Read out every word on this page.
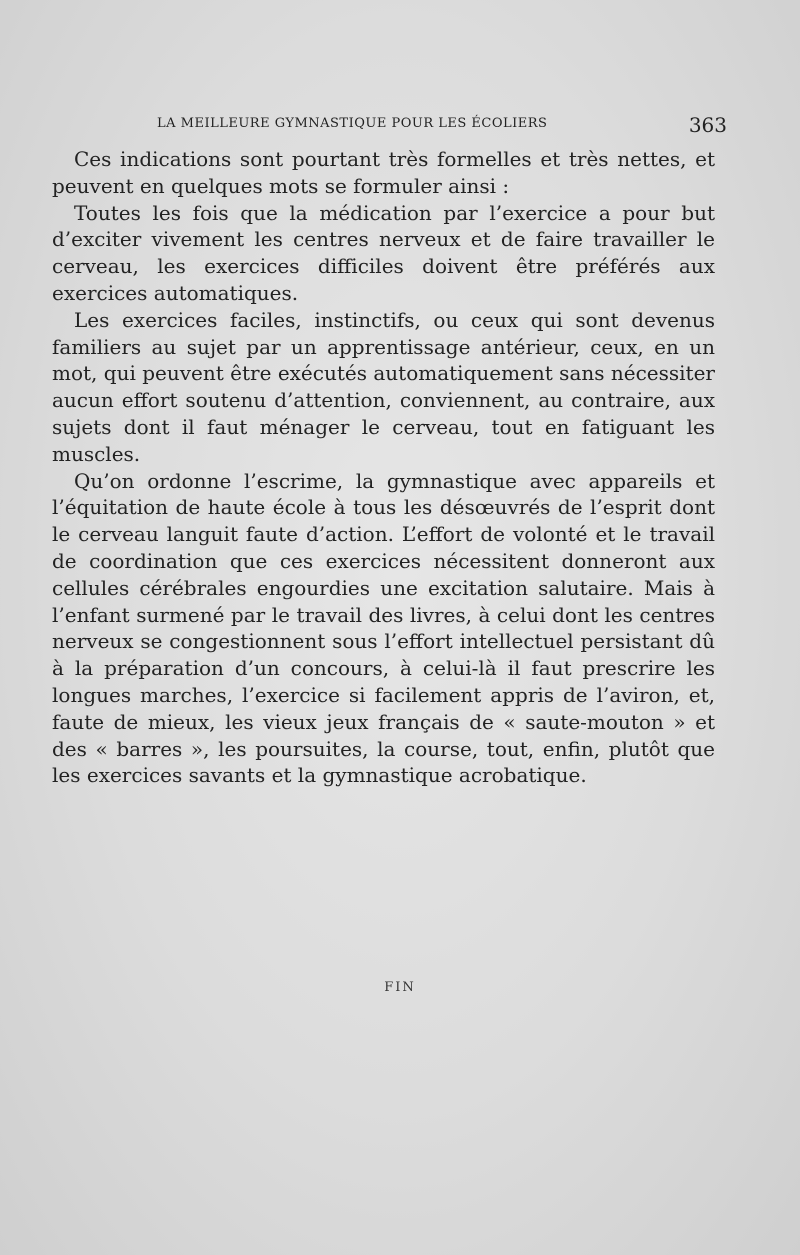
LA MEILLEURE GYMNASTIQUE POUR LES ÉCOLIERS	363

Ces indications sont pourtant très formelles et très nettes, et peuvent en quelques mots se formuler ainsi :

Toutes les fois que la médication par l’exercice a pour but d’exciter vivement les centres nerveux et de faire travailler le cerveau, les exercices difficiles doivent être préférés aux exercices automatiques.

Les exercices faciles, instinctifs, ou ceux qui sont devenus familiers au sujet par un apprentissage antérieur, ceux, en un mot, qui peuvent être exécutés automatiquement sans nécessiter aucun effort soutenu d’attention, conviennent, au contraire, aux sujets dont il faut ménager le cerveau, tout en fatiguant les muscles.

Qu’on ordonne l’escrime, la gymnastique avec appareils et l’équitation de haute école à tous les désœuvrés de l’esprit dont le cerveau languit faute d’action. L’effort de volonté et le travail de coordination que ces exercices nécessitent donneront aux cellules cérébrales engourdies une excitation salutaire. Mais à l’enfant surmené par le travail des livres, à celui dont les centres nerveux se congestionnent sous l’effort intellectuel persistant dû à la préparation d’un concours, à celui-là il faut prescrire les longues marches, l’exercice si facilement appris de l’aviron, et, faute de mieux, les vieux jeux français de « saute-mouton » et des « barres », les poursuites, la course, tout, enfin, plutôt que les exercices savants et la gymnastique acrobatique.

FIN
